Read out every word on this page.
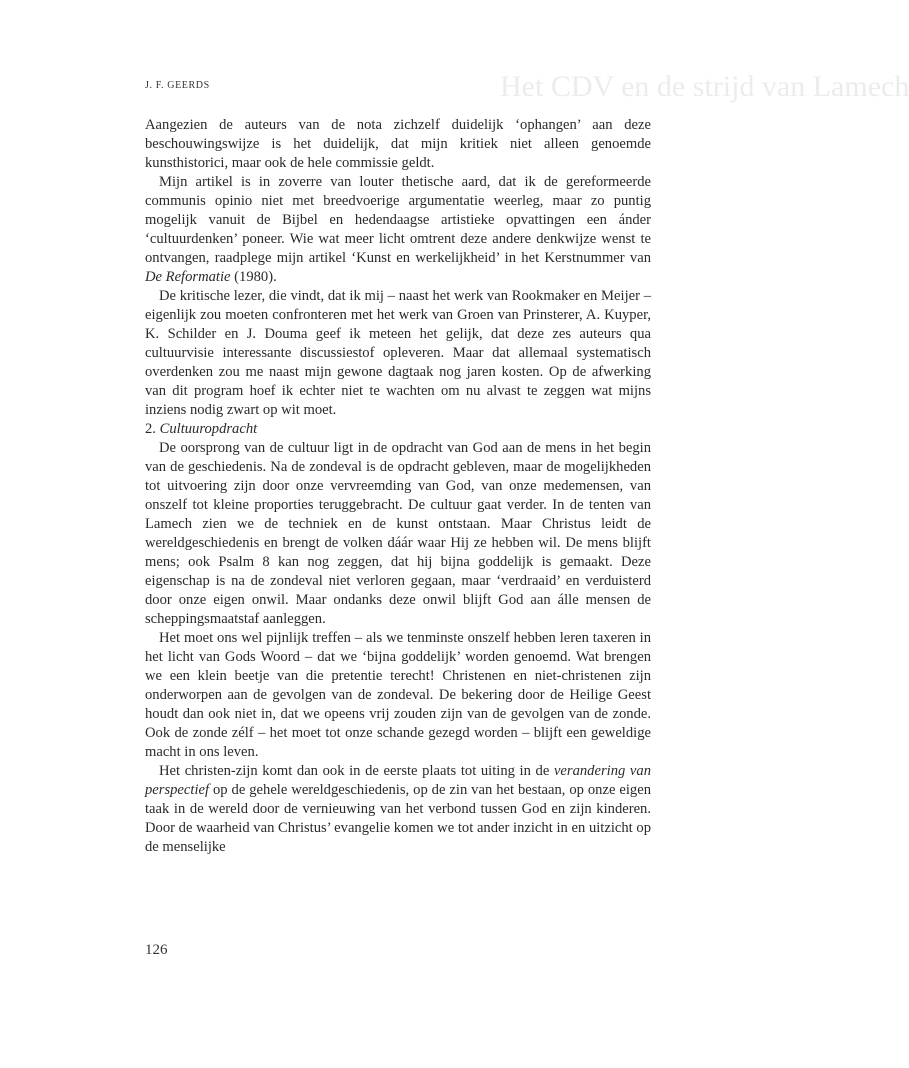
Het CDV en de strijd van Lamech
J. F. GEERDS

Aangezien de auteurs van de nota zichzelf duidelijk ‘ophangen’ aan deze beschouwingswijze is het duidelijk, dat mijn kritiek niet alleen genoemde kunsthistorici, maar ook de hele commissie geldt.

Mijn artikel is in zoverre van louter thetische aard, dat ik de gereformeerde communis opinio niet met breedvoerige argumentatie weerleg, maar zo puntig mogelijk vanuit de Bijbel en hedendaagse artistieke opvattingen een ánder ‘cultuurdenken’ poneer. Wie wat meer licht omtrent deze andere denkwijze wenst te ontvangen, raadplege mijn artikel ‘Kunst en werkelijkheid’ in het Kerstnummer van De Reformatie (1980).

De kritische lezer, die vindt, dat ik mij – naast het werk van Rookmaker en Meijer – eigenlijk zou moeten confronteren met het werk van Groen van Prinsterer, A. Kuyper, K. Schilder en J. Douma geef ik meteen het gelijk, dat deze zes auteurs qua cultuurvisie interessante discussiestof opleveren. Maar dat allemaal systematisch overdenken zou me naast mijn gewone dagtaak nog jaren kosten. Op de afwerking van dit program hoef ik echter niet te wachten om nu alvast te zeggen wat mijns inziens nodig zwart op wit moet.

2. Cultuuropdracht

De oorsprong van de cultuur ligt in de opdracht van God aan de mens in het begin van de geschiedenis. Na de zondeval is de opdracht gebleven, maar de mogelijkheden tot uitvoering zijn door onze vervreemding van God, van onze medemensen, van onszelf tot kleine proporties teruggebracht. De cultuur gaat verder. In de tenten van Lamech zien we de techniek en de kunst ontstaan. Maar Christus leidt de wereldgeschiedenis en brengt de volken dáár waar Hij ze hebben wil. De mens blijft mens; ook Psalm 8 kan nog zeggen, dat hij bijna goddelijk is gemaakt. Deze eigenschap is na de zondeval niet verloren gegaan, maar ‘verdraaid’ en verduisterd door onze eigen onwil. Maar ondanks deze onwil blijft God aan álle mensen de scheppingsmaatstaf aanleggen.

Het moet ons wel pijnlijk treffen – als we tenminste onszelf hebben leren taxeren in het licht van Gods Woord – dat we ‘bijna goddelijk’ worden genoemd. Wat brengen we een klein beetje van die pretentie terecht! Christenen en niet-christenen zijn onderworpen aan de gevolgen van de zondeval. De bekering door de Heilige Geest houdt dan ook niet in, dat we opeens vrij zouden zijn van de gevolgen van de zonde. Ook de zonde zélf – het moet tot onze schande gezegd worden – blijft een geweldige macht in ons leven.

Het christen-zijn komt dan ook in de eerste plaats tot uiting in de verandering van perspectief op de gehele wereldgeschiedenis, op de zin van het bestaan, op onze eigen taak in de wereld door de vernieuwing van het verbond tussen God en zijn kinderen. Door de waarheid van Christus’ evangelie komen we tot ander inzicht in en uitzicht op de menselijke

126
